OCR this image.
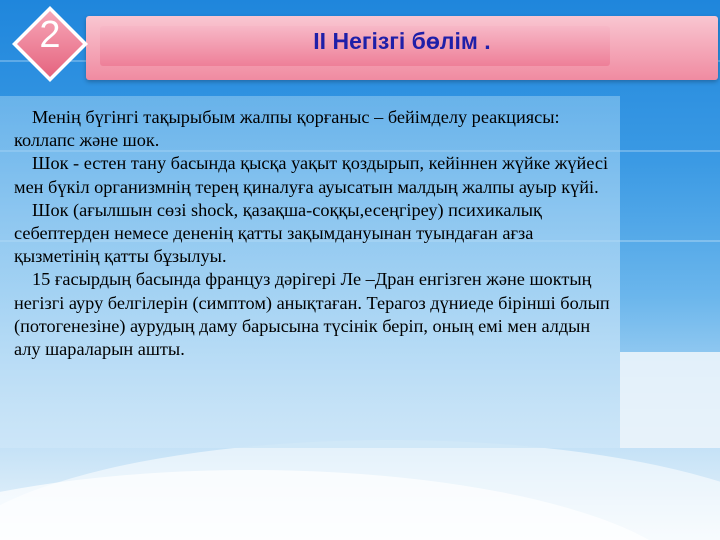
II Негізгі бөлім .
2

Менің бүгінгі тақырыбым жалпы қорғаныс – бейімделу реакциясы: коллапс және шок.

Шок - естен тану басында қысқа уақыт қоздырып, кейіннен жүйке жүйесі мен бүкіл организмнің терең қиналуға ауысатын малдың жалпы ауыр күйі.

Шок (ағылшын сөзі shock, қазақша-соққы,есеңгіреу) психикалық себептерден немесе дененің қатты зақымдануынан туындаған ағза қызметінің қатты бұзылуы.

15 ғасырдың басында француз дәрігері Ле –Дран енгізген және шоктың негізгі ауру белгілерін (симптом) анықтаған. Терагоз дүниеде бірінші болып (потогенезіне) аурудың даму барысына түсінік беріп, оның емі мен алдын алу шараларын ашты.
